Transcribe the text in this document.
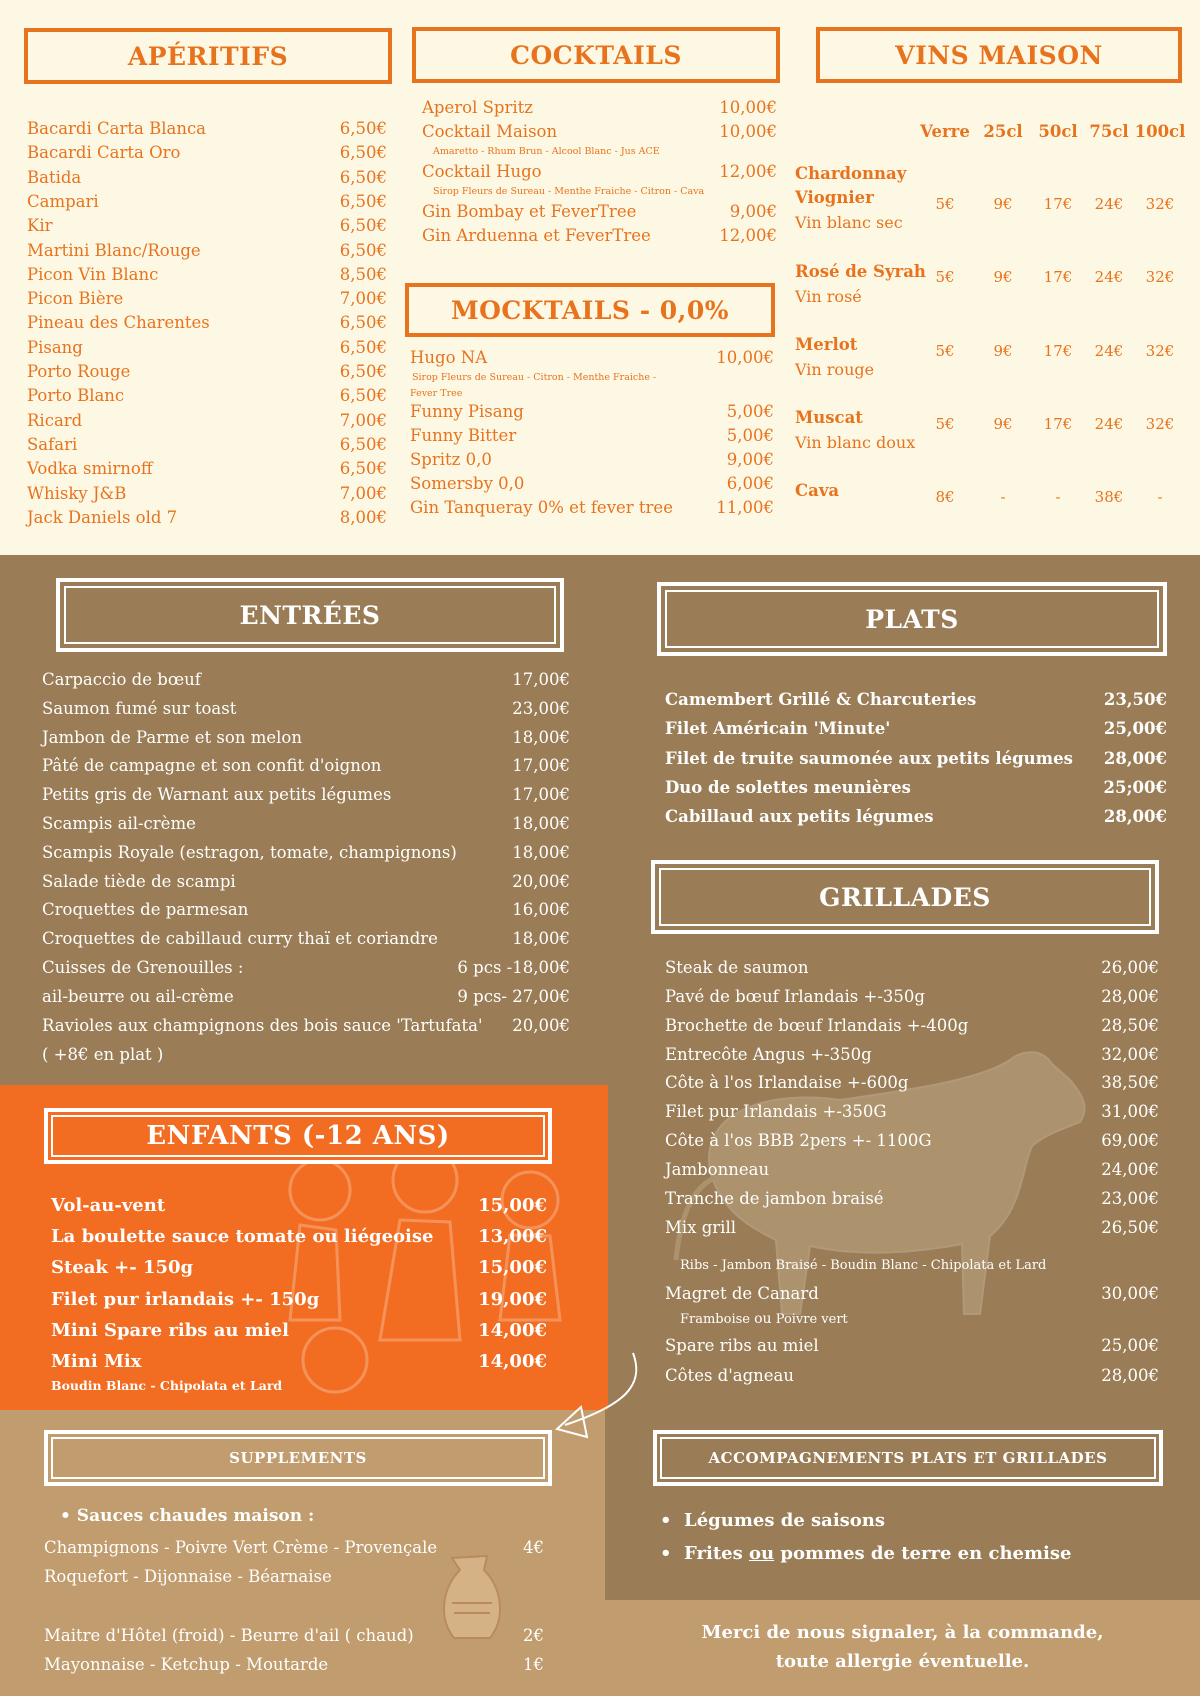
APÉRITIFS
Bacardi Carta Blanca	6,50€
Bacardi Carta Oro	6,50€
Batida	6,50€
Campari	6,50€
Kir	6,50€
Martini Blanc/Rouge	6,50€
Picon Vin Blanc	8,50€
Picon Bière	7,00€
Pineau des Charentes	6,50€
Pisang	6,50€
Porto Rouge	6,50€
Porto Blanc	6,50€
Ricard	7,00€
Safari	6,50€
Vodka smirnoff	6,50€
Whisky J&B	7,00€
Jack Daniels old 7	8,00€
COCKTAILS
Aperol Spritz	10,00€
Cocktail Maison	10,00€
Cocktail Hugo	12,00€
Gin Bombay et FeverTree	9,00€
Gin Arduenna et FeverTree	12,00€
Amaretto - Rhum Brun - Alcool Blanc - Jus ACE
Sirop Fleurs de Sureau - Menthe Fraiche - Citron - Cava
MOCKTAILS - 0,0%
Hugo NA	10,00€
Funny Pisang	5,00€
Funny Bitter	5,00€
Spritz 0,0	9,00€
Somersby 0,0	6,00€
Gin Tanqueray 0% et fever tree	11,00€
Sirop Fleurs de Sureau - Citron - Menthe Fraiche -
Fever Tree
VINS MAISON
Verre 25cl 50cl 75cl 100cl
Chardonnay
Viognier
Vin blanc sec
5€	9€	17€	24€	32€
Rosé de Syrah
Vin rosé
5€	9€	17€	24€	32€
Merlot
Vin rouge
5€	9€	17€	24€	32€
Muscat
Vin blanc doux
5€	9€	17€	24€	32€
Cava	8€	-	-	38€	-
ENTRÉES
Carpaccio de bœuf	17,00€
Saumon fumé sur toast	23,00€
Jambon de Parme et son melon	18,00€
Pâté de campagne et son confit d'oignon	17,00€
Petits gris de Warnant aux petits légumes	17,00€
Scampis ail-crème	18,00€
Scampis Royale (estragon, tomate, champignons)	18,00€
Salade tiède de scampi	20,00€
Croquettes de parmesan	16,00€
Croquettes de cabillaud curry thaï et coriandre	18,00€
Cuisses de Grenouilles :	6 pcs -18,00€
ail-beurre ou ail-crème	9 pcs- 27,00€
Ravioles aux champignons des bois sauce 'Tartufata' 20,00€
( +8€ en plat )
PLATS
Camembert Grillé & Charcuteries	23,50€
Filet Américain 'Minute'	25,00€
Filet de truite saumonée aux petits légumes 28,00€
Duo de solettes meunières	25;00€
Cabillaud aux petits légumes	28,00€
GRILLADES
Steak de saumon	26,00€
Pavé de bœuf Irlandais +-350g	28,00€
Brochette de bœuf Irlandais +-400g	28,50€
Entrecôte Angus +-350g	32,00€
Côte à l'os Irlandaise +-600g	38,50€
Filet pur Irlandais +-350G	31,00€
Côte à l'os BBB 2pers +- 1100G	69,00€
Jambonneau	24,00€
Tranche de jambon braisé	23,00€
Mix grill	26,50€
Magret de Canard	30,00€
Spare ribs au miel	25,00€
Côtes d'agneau	28,00€
Ribs - Jambon Braisé - Boudin Blanc - Chipolata et Lard
Framboise ou Poivre vert
ENFANTS (-12 ANS)
Vol-au-vent	15,00€
La boulette sauce tomate ou liégeoise 13,00€
Steak +- 150g	15,00€
Filet pur irlandais +- 150g	19,00€
Mini Spare ribs au miel	14,00€
Mini Mix	14,00€
Boudin Blanc - Chipolata et Lard
SUPPLEMENTS
• Sauces chaudes maison :
Champignons - Poivre Vert Crème - Provençale	4€
Roquefort - Dijonnaise - Béarnaise
Maitre d'Hôtel (froid) - Beurre d'ail ( chaud)	2€
Mayonnaise - Ketchup - Moutarde	1€
ACCOMPAGNEMENTS PLATS ET GRILLADES
•  Légumes de saisons
•  Frites ou pommes de terre en chemise
Merci de nous signaler, à la commande,
toute allergie éventuelle.
